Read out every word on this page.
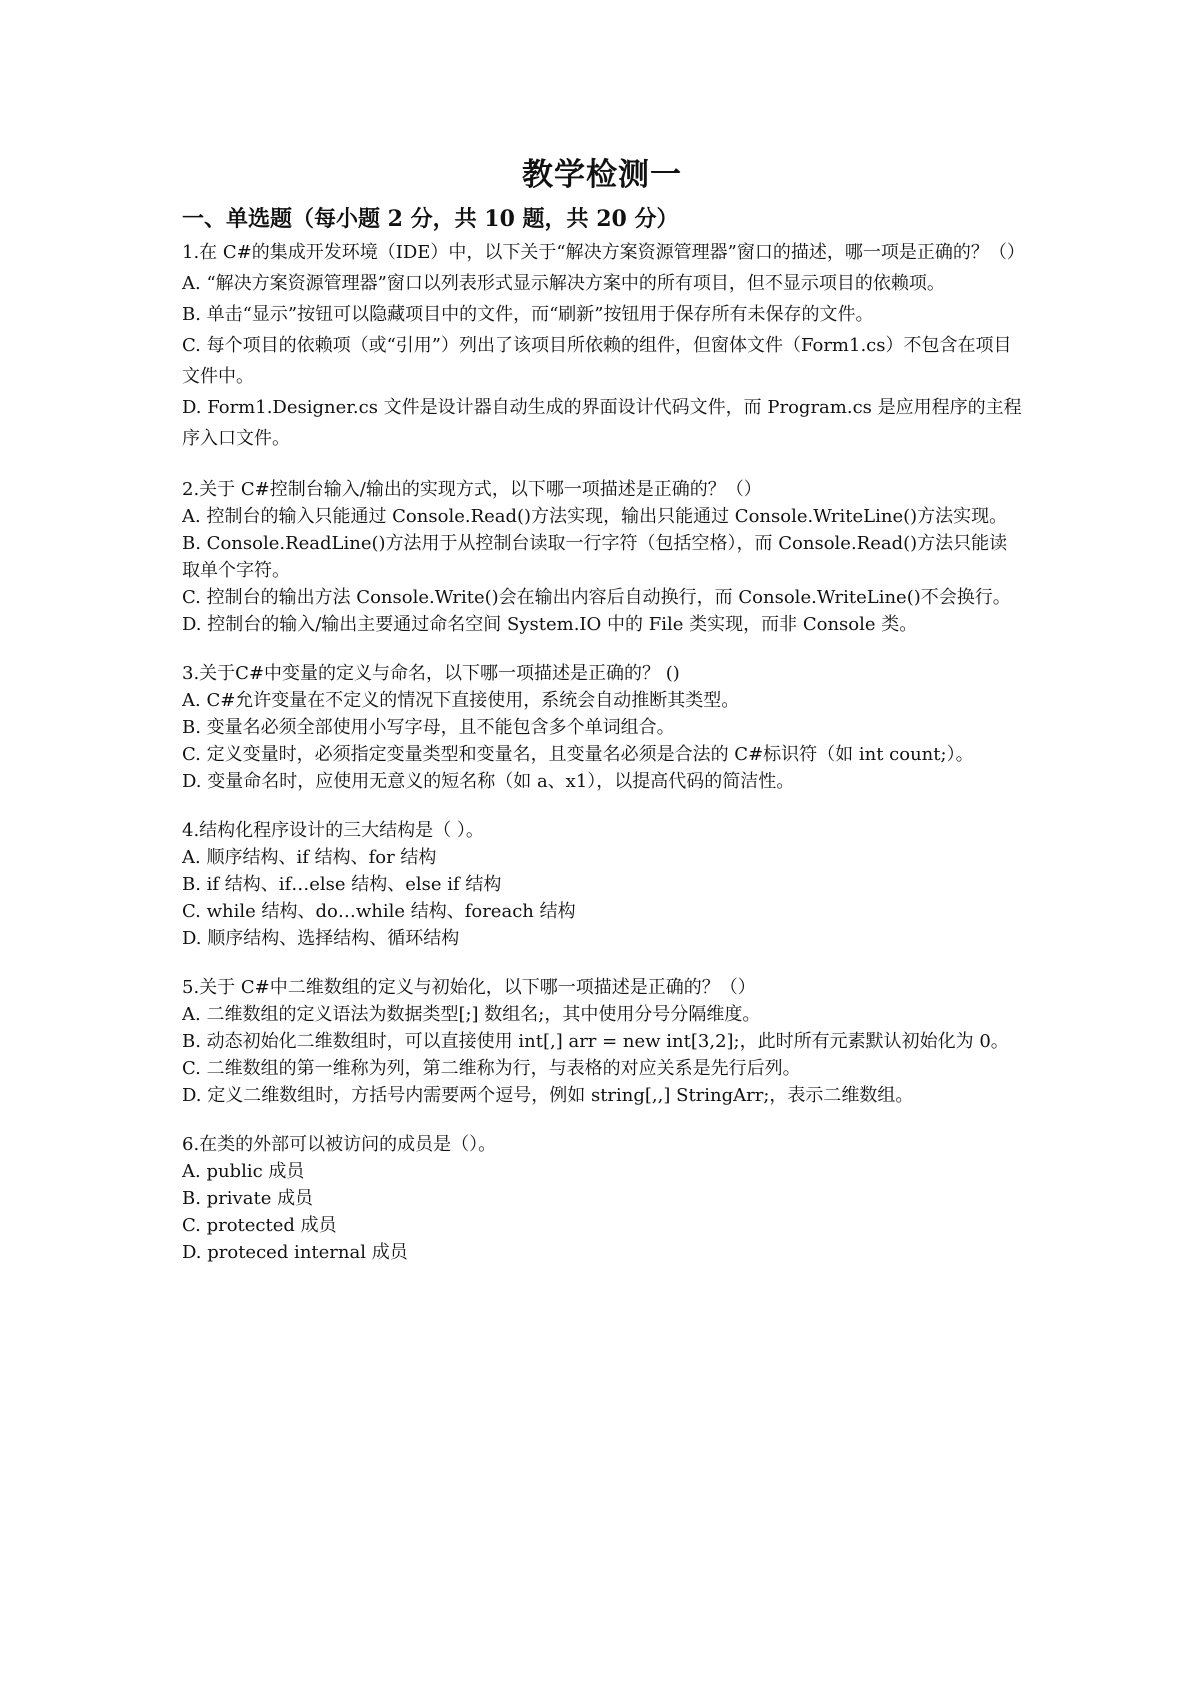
教学检测一
一、单选题（每小题 2 分，共 10 题，共 20 分）

1.在 C#的集成开发环境（IDE）中，以下关于“解决方案资源管理器”窗口的描述，哪一项是正确的？（）

A. “解决方案资源管理器”窗口以列表形式显示解决方案中的所有项目，但不显示项目的依赖项。

B. 单击“显示”按钮可以隐藏项目中的文件，而“刷新”按钮用于保存所有未保存的文件。

C. 每个项目的依赖项（或“引用”）列出了该项目所依赖的组件，但窗体文件（Form1.cs）不包含在项目文件中。

D. Form1.Designer.cs 文件是设计器自动生成的界面设计代码文件，而 Program.cs 是应用程序的主程序入口文件。

2.关于 C#控制台输入/输出的实现方式，以下哪一项描述是正确的？（）

A. 控制台的输入只能通过 Console.Read()方法实现，输出只能通过 Console.WriteLine()方法实现。

B. Console.ReadLine()方法用于从控制台读取一行字符（包括空格），而 Console.Read()方法只能读取单个字符。

C. 控制台的输出方法 Console.Write()会在输出内容后自动换行，而 Console.WriteLine()不会换行。

D. 控制台的输入/输出主要通过命名空间 System.IO 中的 File 类实现，而非 Console 类。

3.关于C#中变量的定义与命名，以下哪一项描述是正确的？ ()

A. C#允许变量在不定义的情况下直接使用，系统会自动推断其类型。

B. 变量名必须全部使用小写字母，且不能包含多个单词组合。

C. 定义变量时，必须指定变量类型和变量名，且变量名必须是合法的 C#标识符（如 int count;）。

D. 变量命名时，应使用无意义的短名称（如 a、x1），以提高代码的简洁性。

4.结构化程序设计的三大结构是（ ）。

A. 顺序结构、if 结构、for 结构

B. if 结构、if…else 结构、else if 结构

C. while 结构、do…while 结构、foreach 结构

D. 顺序结构、选择结构、循环结构

5.关于 C#中二维数组的定义与初始化，以下哪一项描述是正确的？（）

A. 二维数组的定义语法为数据类型[;] 数组名;，其中使用分号分隔维度。

B. 动态初始化二维数组时，可以直接使用 int[,] arr = new int[3,2];，此时所有元素默认初始化为 0。

C. 二维数组的第一维称为列，第二维称为行，与表格的对应关系是先行后列。

D. 定义二维数组时，方括号内需要两个逗号，例如 string[,,] StringArr;，表示二维数组。

6.在类的外部可以被访问的成员是（）。

A. public 成员

B. private 成员

C. protected 成员

D. proteced internal 成员
